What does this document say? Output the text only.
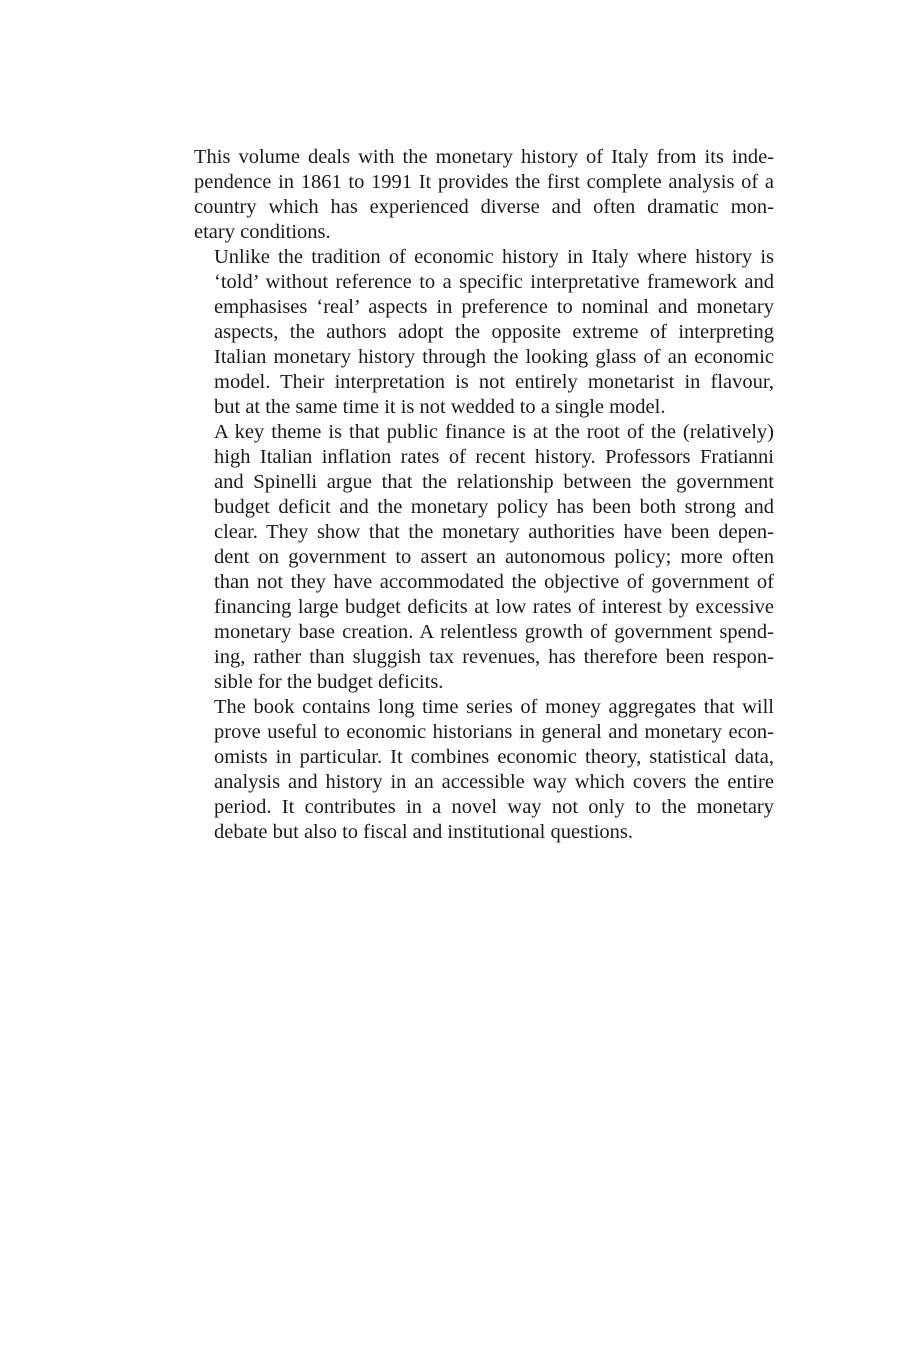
This volume deals with the monetary history of Italy from its inde-
pendence in 1861 to 1991 It provides the first complete analysis of a
country which has experienced diverse and often dramatic mon-
etary conditions.

Unlike the tradition of economic history in Italy where history is
‘told’ without reference to a specific interpretative framework and
emphasises ‘real’ aspects in preference to nominal and monetary
aspects, the authors adopt the opposite extreme of interpreting
Italian monetary history through the looking glass of an economic
model. Their interpretation is not entirely monetarist in flavour,
but at the same time it is not wedded to a single model.

A key theme is that public finance is at the root of the (relatively)
high Italian inflation rates of recent history. Professors Fratianni
and Spinelli argue that the relationship between the government
budget deficit and the monetary policy has been both strong and
clear. They show that the monetary authorities have been depen-
dent on government to assert an autonomous policy; more often
than not they have accommodated the objective of government of
financing large budget deficits at low rates of interest by excessive
monetary base creation. A relentless growth of government spend-
ing, rather than sluggish tax revenues, has therefore been respon-
sible for the budget deficits.

The book contains long time series of money aggregates that will
prove useful to economic historians in general and monetary econ-
omists in particular. It combines economic theory, statistical data,
analysis and history in an accessible way which covers the entire
period. It contributes in a novel way not only to the monetary
debate but also to fiscal and institutional questions.
